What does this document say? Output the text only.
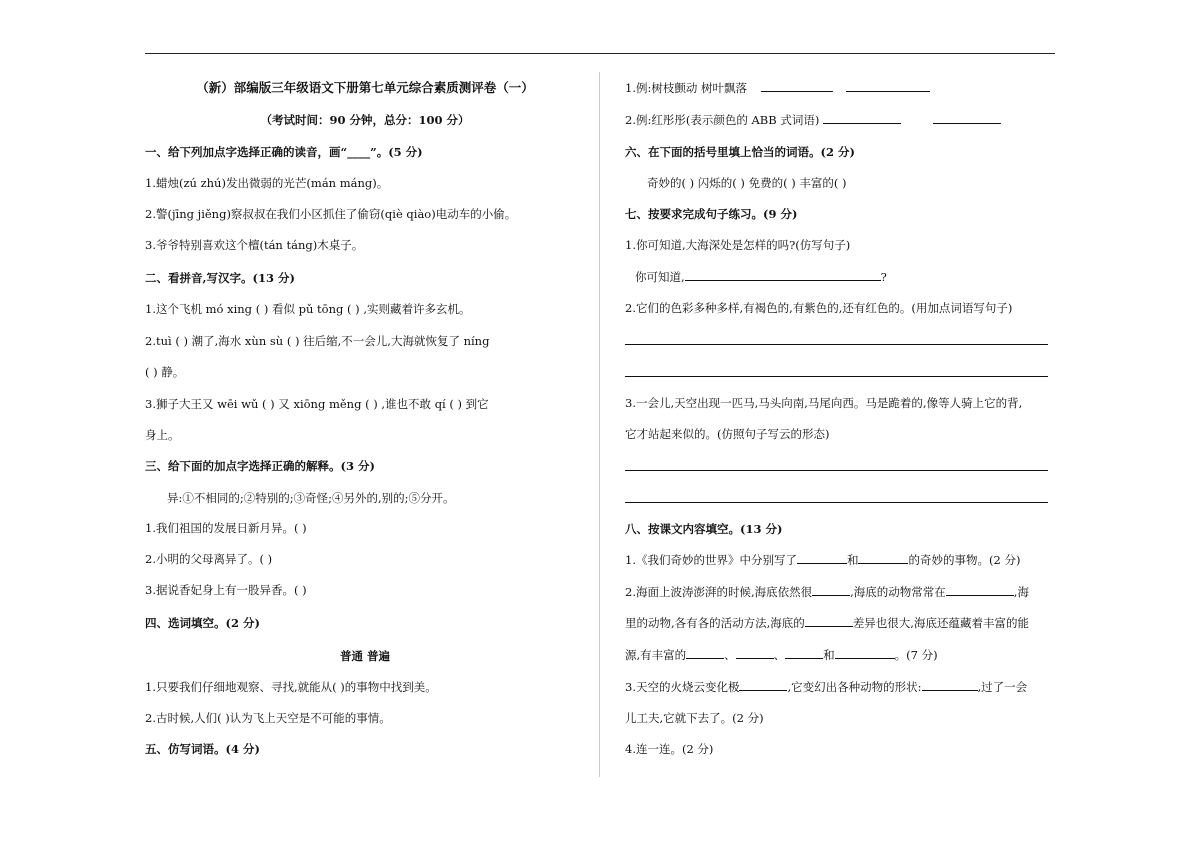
（新）部编版三年级语文下册第七单元综合素质测评卷（一）
（考试时间：90 分钟，总分：100 分）
一、给下列加点字选择正确的读音，画“____”。(5 分)
1.蜡烛(zú zhú)发出微弱的光芒(mán máng)。
2.警(jīng jiěng)察叔叔在我们小区抓住了偷窃(qiè qiào)电动车的小偷。
3.爷爷特别喜欢这个檀(tán táng)木桌子。
二、看拼音,写汉字。(13 分)
1.这个飞机 mó xing ( ) 看似 pǔ tōng ( ) ,实则藏着许多玄机。
2.tuì ( ) 潮了,海水 xùn sù ( ) 往后缩,不一会儿,大海就恢复了 níng
( ) 静。
3.狮子大王又 wēi wǔ ( ) 又 xiōng měng ( ) ,谁也不敢 qí ( ) 到它
身上。
三、给下面的加点字选择正确的解释。(3 分)
异:①不相同的;②特别的;③奇怪;④另外的,别的;⑤分开。
1.我们祖国的发展日新月异。( )
2.小明的父母离异了。( )
3.据说香妃身上有一股异香。( )
四、选词填空。(2 分)
普通 普遍
1.只要我们仔细地观察、寻找,就能从( )的事物中找到美。
2.古时候,人们( )认为飞上天空是不可能的事情。
五、仿写词语。(4 分)
1.例:树枝颤动 树叶飘落
2.例:红彤彤(表示颜色的 ABB 式词语)
六、在下面的括号里填上恰当的词语。(2 分)
奇妙的( ) 闪烁的( ) 免费的( ) 丰富的( )
七、按要求完成句子练习。(9 分)
1.你可知道,大海深处是怎样的吗?(仿写句子)
你可知道,	?
2.它们的色彩多种多样,有褐色的,有紫色的,还有红色的。(用加点词语写句子)
3.一会儿,天空出现一匹马,马头向南,马尾向西。马是跪着的,像等人骑上它的背,
它才站起来似的。(仿照句子写云的形态)
八、按课文内容填空。(13 分)
1.《我们奇妙的世界》中分别写了	和	的奇妙的事物。(2 分)
2.海面上波涛澎湃的时候,海底依然很	,海底的动物常常在	,海
里的动物,各有各的活动方法,海底的	差异也很大,海底还蕴藏着丰富的能
源,有丰富的	、	、	和	。(7 分)
3.天空的火烧云变化极	,它变幻出各种动物的形状:	,过了一会
儿工夫,它就下去了。(2 分)
4.连一连。(2 分)
